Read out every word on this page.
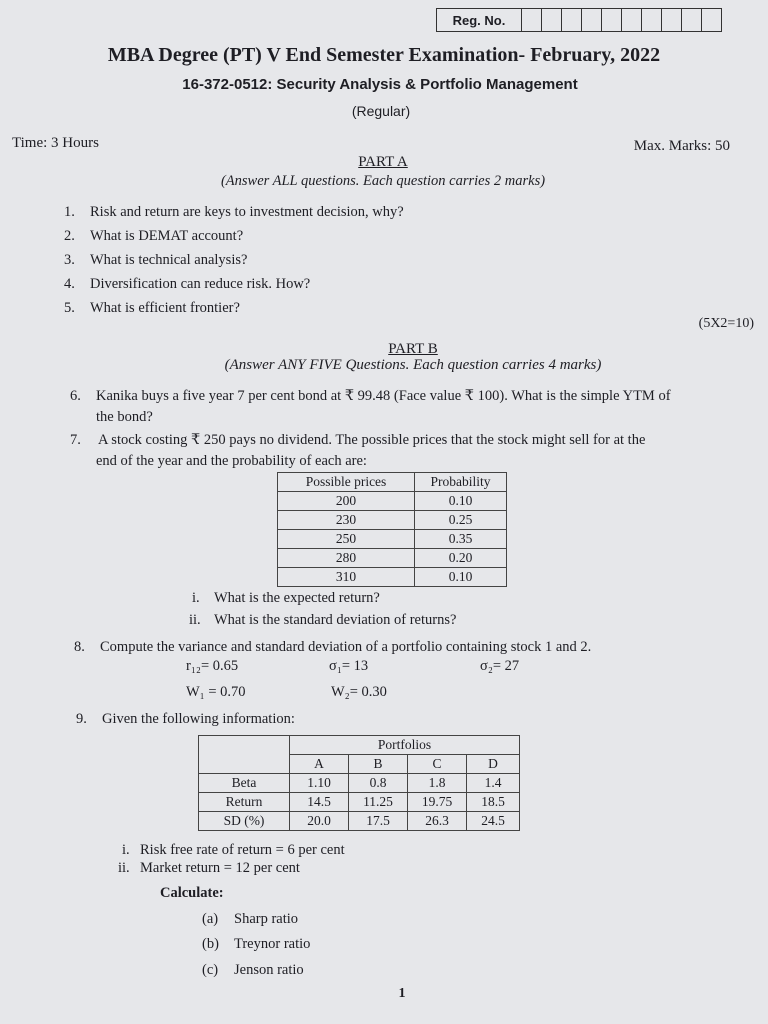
Reg. No.
MBA Degree (PT) V End Semester Examination- February, 2022
16-372-0512: Security Analysis & Portfolio Management
(Regular)
Time: 3 Hours	Max. Marks: 50
PART A
(Answer ALL questions. Each question carries 2 marks)
1. Risk and return are keys to investment decision, why?
2. What is DEMAT account?
3. What is technical analysis?
4. Diversification can reduce risk. How?
5. What is efficient frontier?
(5X2=10)
PART B
(Answer ANY FIVE Questions. Each question carries 4 marks)
6. Kanika buys a five year 7 per cent bond at ₹ 99.48 (Face value ₹ 100). What is the simple YTM of
the bond?
7. A stock costing ₹ 250 pays no dividend. The possible prices that the stock might sell for at the
end of the year and the probability of each are:
Possible prices	Probability
200	0.10
230	0.25
250	0.35
280	0.20
310	0.10
i. What is the expected return?
ii. What is the standard deviation of returns?
8. Compute the variance and standard deviation of a portfolio containing stock 1 and 2.
r₁₂= 0.65	σ₁= 13	σ₂= 27
W₁ = 0.70	W₂= 0.30
9. Given the following information:
	Portfolios			
	A	B	C	D
Beta	1.10	0.8	1.8	1.4
Return	14.5	11.25	19.75	18.5
SD (%)	20.0	17.5	26.3	24.5
i. Risk free rate of return = 6 per cent
ii. Market return = 12 per cent
Calculate:
(a) Sharp ratio
(b) Treynor ratio
(c) Jenson ratio
1
